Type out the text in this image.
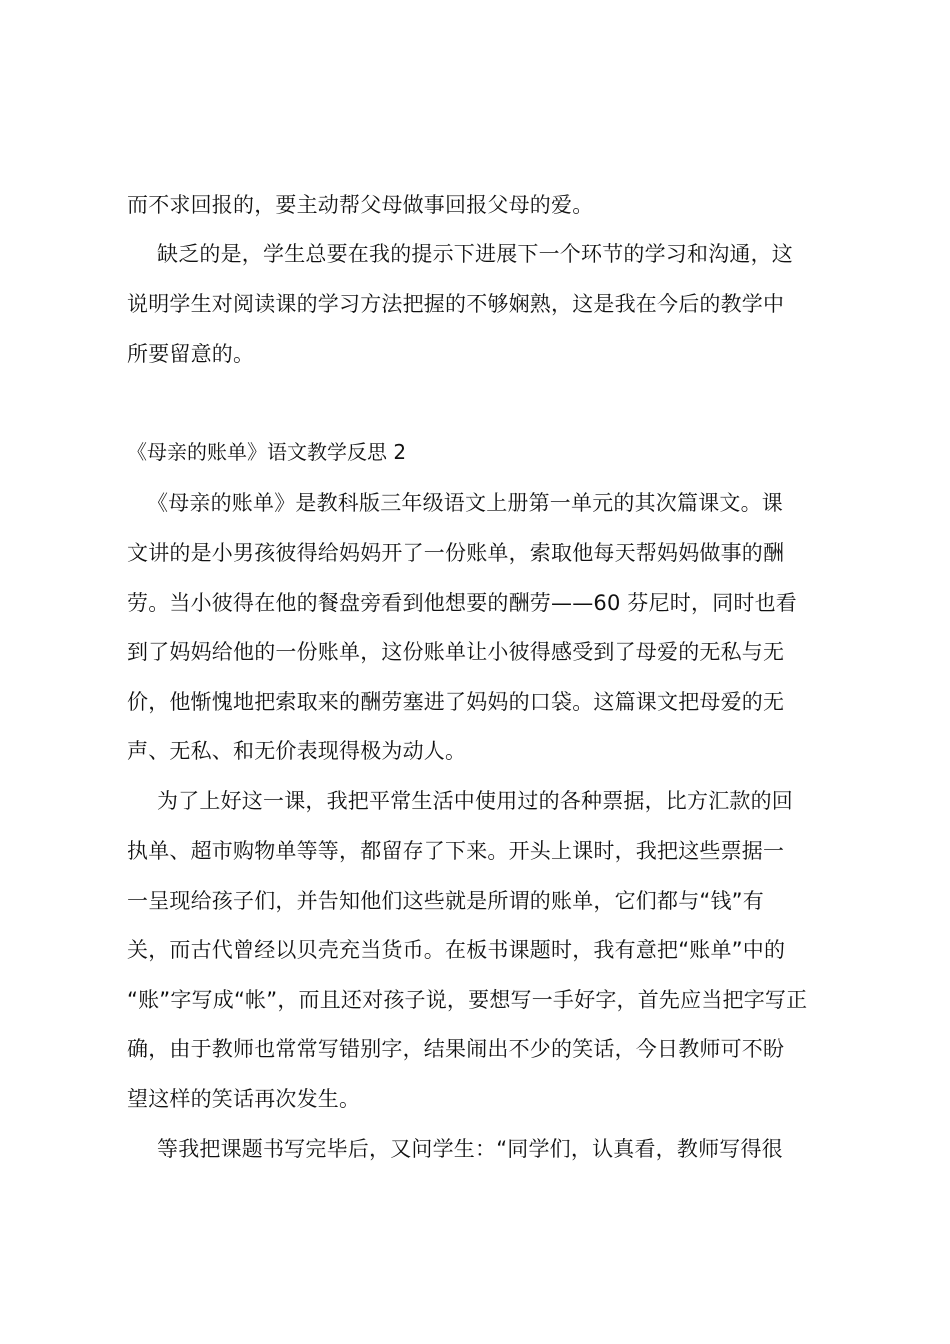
而不求回报的，要主动帮父母做事回报父母的爱。
缺乏的是，学生总要在我的提示下进展下一个环节的学习和沟通，这
说明学生对阅读课的学习方法把握的不够娴熟，这是我在今后的教学中
所要留意的。
《母亲的账单》语文教学反思 2
《母亲的账单》是教科版三年级语文上册第一单元的其次篇课文。课
文讲的是小男孩彼得给妈妈开了一份账单，索取他每天帮妈妈做事的酬
劳。当小彼得在他的餐盘旁看到他想要的酬劳——60 芬尼时，同时也看
到了妈妈给他的一份账单，这份账单让小彼得感受到了母爱的无私与无
价，他惭愧地把索取来的酬劳塞进了妈妈的口袋。这篇课文把母爱的无
声、无私、和无价表现得极为动人。
为了上好这一课，我把平常生活中使用过的各种票据，比方汇款的回
执单、超市购物单等等，都留存了下来。开头上课时，我把这些票据一
一呈现给孩子们，并告知他们这些就是所谓的账单，它们都与“钱”有
关，而古代曾经以贝壳充当货币。在板书课题时，我有意把“账单”中的
“账”字写成“帐”，而且还对孩子说，要想写一手好字，首先应当把字写正
确，由于教师也常常写错别字，结果闹出不少的笑话，今日教师可不盼
望这样的笑话再次发生。
等我把课题书写完毕后，又问学生：“同学们，认真看，教师写得很
